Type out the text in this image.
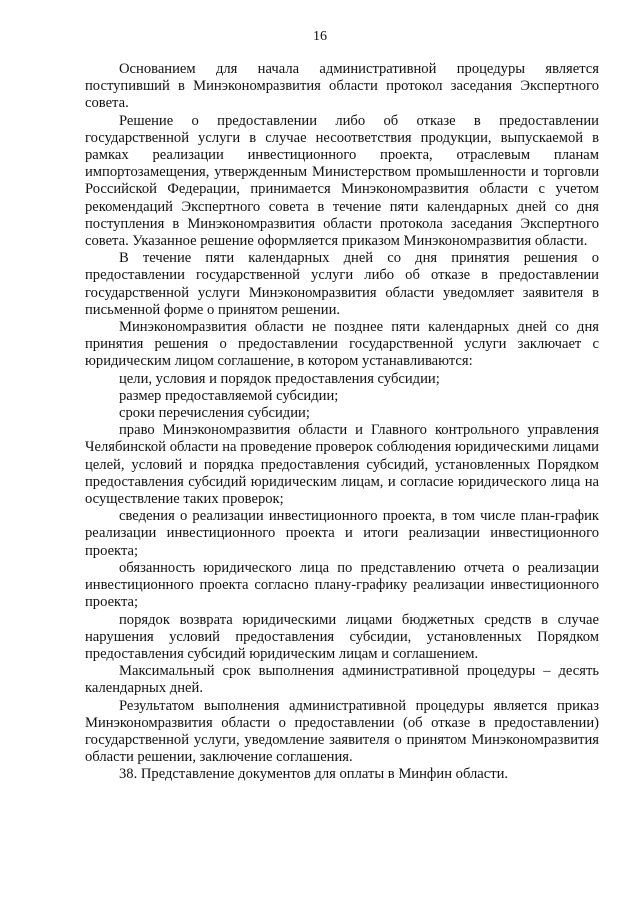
16

Основанием для начала административной процедуры является поступивший в Минэкономразвития области протокол заседания Экспертного совета.

Решение о предоставлении либо об отказе в предоставлении государственной услуги в случае несоответствия продукции, выпускаемой в рамках реализации инвестиционного проекта, отраслевым планам импортозамещения, утвержденным Министерством промышленности и торговли Российской Федерации, принимается Минэкономразвития области с учетом рекомендаций Экспертного совета в течение пяти календарных дней со дня поступления в Минэкономразвития области протокола заседания Экспертного совета. Указанное решение оформляется приказом Минэкономразвития области.

В течение пяти календарных дней со дня принятия решения о предоставлении государственной услуги либо об отказе в предоставлении государственной услуги Минэкономразвития области уведомляет заявителя в письменной форме о принятом решении.

Минэкономразвития области не позднее пяти календарных дней со дня принятия решения о предоставлении государственной услуги заключает с юридическим лицом соглашение, в котором устанавливаются:

цели, условия и порядок предоставления субсидии;

размер предоставляемой субсидии;

сроки перечисления субсидии;

право Минэкономразвития области и Главного контрольного управления Челябинской области на проведение проверок соблюдения юридическими лицами целей, условий и порядка предоставления субсидий, установленных Порядком предоставления субсидий юридическим лицам, и согласие юридического лица на осуществление таких проверок;

сведения о реализации инвестиционного проекта, в том числе план-график реализации инвестиционного проекта и итоги реализации инвестиционного проекта;

обязанность юридического лица по представлению отчета о реализации инвестиционного проекта согласно плану-графику реализации инвестиционного проекта;

порядок возврата юридическими лицами бюджетных средств в случае нарушения условий предоставления субсидии, установленных Порядком предоставления субсидий юридическим лицам и соглашением.

Максимальный срок выполнения административной процедуры – десять календарных дней.

Результатом выполнения административной процедуры является приказ Минэкономразвития области о предоставлении (об отказе в предоставлении) государственной услуги, уведомление заявителя о принятом Минэкономразвития области решении, заключение соглашения.

38. Представление документов для оплаты в Минфин области.
